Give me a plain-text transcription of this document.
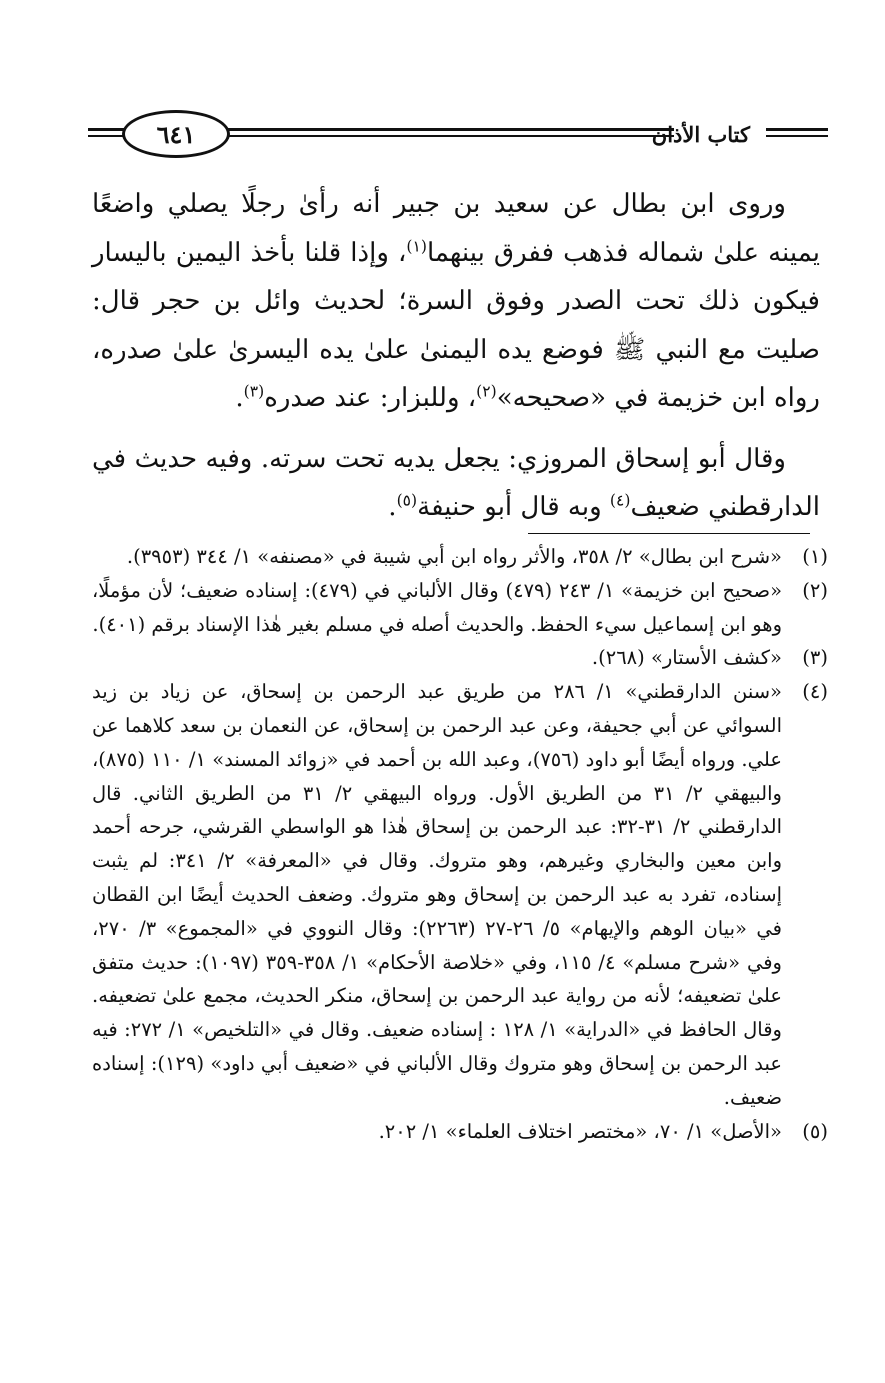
كتاب الأذان
٦٤١

وروى ابن بطال عن سعيد بن جبير أنه رأىٰ رجلًا يصلي واضعًا يمينه علىٰ شماله فذهب ففرق بينهما$^{(١)}$، وإذا قلنا بأخذ اليمين باليسار فيكون ذلك تحت الصدر وفوق السرة؛ لحديث وائل بن حجر قال: صليت مع النبي ﷺ فوضع يده اليمنىٰ علىٰ يده اليسرىٰ علىٰ صدره، رواه ابن خزيمة في «صحيحه»$^{(٢)}$، وللبزار: عند صدره$^{(٣)}$.

وقال أبو إسحاق المروزي: يجعل يديه تحت سرته. وفيه حديث في الدارقطني ضعيف$^{(٤)}$ وبه قال أبو حنيفة$^{(٥)}$.

(١)
«شرح ابن بطال» ٢/ ٣٥٨، والأثر رواه ابن أبي شيبة في «مصنفه» ١/ ٣٤٤ (٣٩٥٣).
(٢)
«صحيح ابن خزيمة» ١/ ٢٤٣ (٤٧٩) وقال الألباني في (٤٧٩): إسناده ضعيف؛ لأن مؤملًا، وهو ابن إسماعيل سيء الحفظ. والحديث أصله في مسلم بغير هٰذا الإسناد برقم (٤٠١).
(٣)
«كشف الأستار» (٢٦٨).
(٤)
«سنن الدارقطني» ١/ ٢٨٦ من طريق عبد الرحمن بن إسحاق، عن زياد بن زيد السوائي عن أبي جحيفة، وعن عبد الرحمن بن إسحاق، عن النعمان بن سعد كلاهما عن علي. ورواه أيضًا أبو داود (٧٥٦)، وعبد الله بن أحمد في «زوائد المسند» ١/ ١١٠ (٨٧٥)، والبيهقي ٢/ ٣١ من الطريق الأول. ورواه البيهقي ٢/ ٣١ من الطريق الثاني. قال الدارقطني ٢/ ٣١-٣٢: عبد الرحمن بن إسحاق هٰذا هو الواسطي القرشي، جرحه أحمد وابن معين والبخاري وغيرهم، وهو متروك. وقال في «المعرفة» ٢/ ٣٤١: لم يثبت إسناده، تفرد به عبد الرحمن بن إسحاق وهو متروك. وضعف الحديث أيضًا ابن القطان في «بيان الوهم والإيهام» ٥/ ٢٦-٢٧ (٢٢٦٣): وقال النووي في «المجموع» ٣/ ٢٧٠، وفي «شرح مسلم» ٤/ ١١٥، وفي «خلاصة الأحكام» ١/ ٣٥٨-٣٥٩ (١٠٩٧): حديث متفق علىٰ تضعيفه؛ لأنه من رواية عبد الرحمن بن إسحاق، منكر الحديث، مجمع علىٰ تضعيفه. وقال الحافظ في «الدراية» ١/ ١٢٨ : إسناده ضعيف. وقال في «التلخيص» ١/ ٢٧٢: فيه عبد الرحمن بن إسحاق وهو متروك وقال الألباني في «ضعيف أبي داود» (١٢٩): إسناده ضعيف.
(٥)
«الأصل» ١/ ٧٠، «مختصر اختلاف العلماء» ١/ ٢٠٢.
